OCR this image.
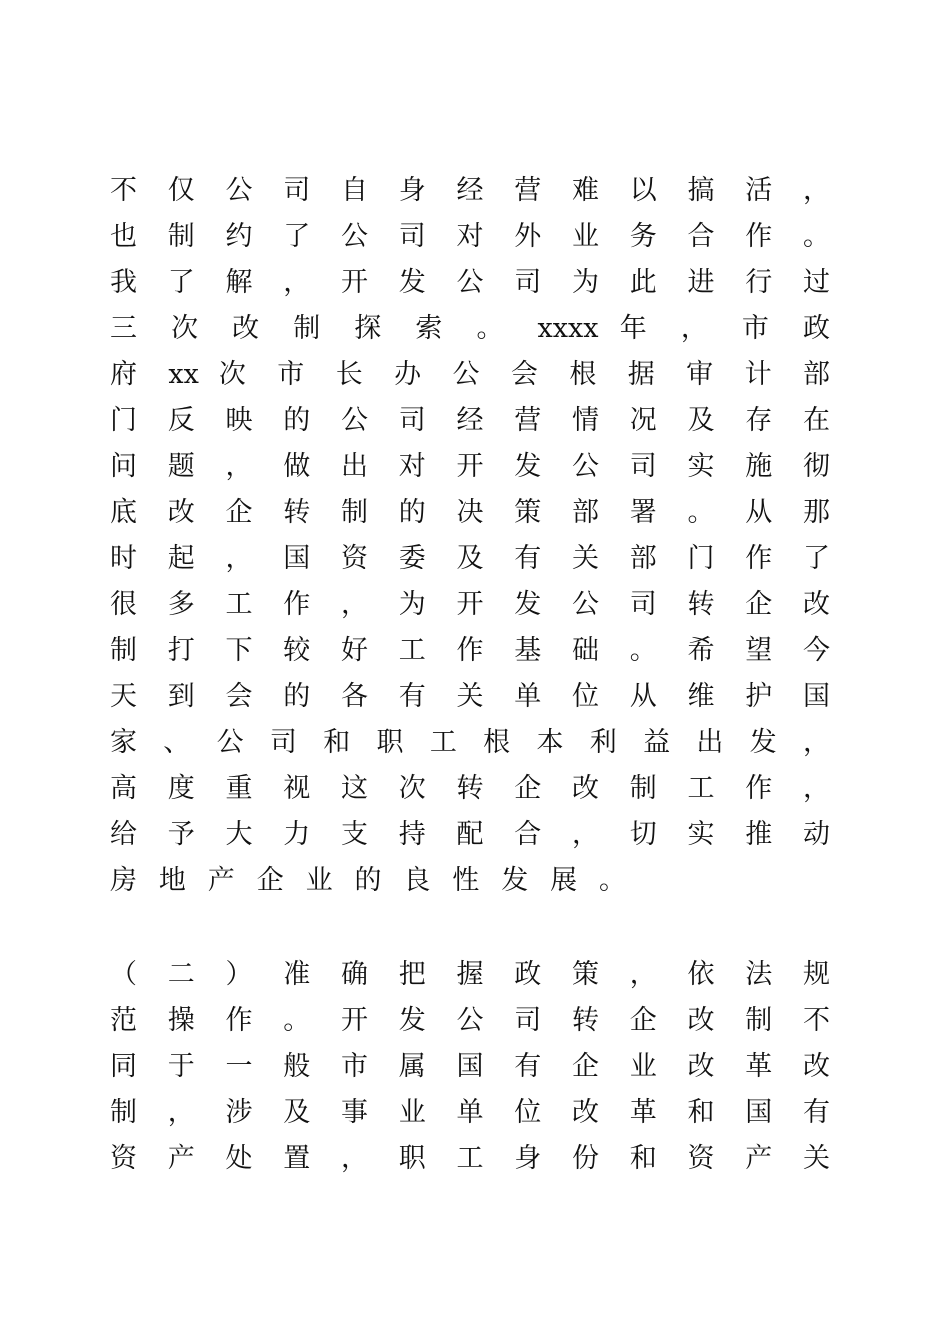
不 仅 公 司 自 身 经 营 难 以 搞 活 ，
也 制 约 了 公 司 对 外 业 务 合 作 。
我 了 解 ， 开 发 公 司 为 此 进 行 过
三 次 改 制 探 索 。 xxxx 年 ， 市 政
府 xx 次 市 长 办 公 会 根 据 审 计 部
门 反 映 的 公 司 经 营 情 况 及 存 在
问 题 ， 做 出 对 开 发 公 司 实 施 彻
底 改 企 转 制 的 决 策 部 署 。 从 那
时 起 ， 国 资 委 及 有 关 部 门 作 了
很 多 工 作 ， 为 开 发 公 司 转 企 改
制 打 下 较 好 工 作 基 础 。 希 望 今
天 到 会 的 各 有 关 单 位 从 维 护 国
家 、 公 司 和 职 工 根 本 利 益 出 发 ，
高 度 重 视 这 次 转 企 改 制 工 作 ，
给 予 大 力 支 持 配 合 ， 切 实 推 动
房 地 产 企 业 的 良 性 发 展 。
（ 二 ） 准 确 把 握 政 策 ， 依 法 规
范 操 作 。 开 发 公 司 转 企 改 制 不
同 于 一 般 市 属 国 有 企 业 改 革 改
制 ， 涉 及 事 业 单 位 改 革 和 国 有
资 产 处 置 ， 职 工 身 份 和 资 产 关
